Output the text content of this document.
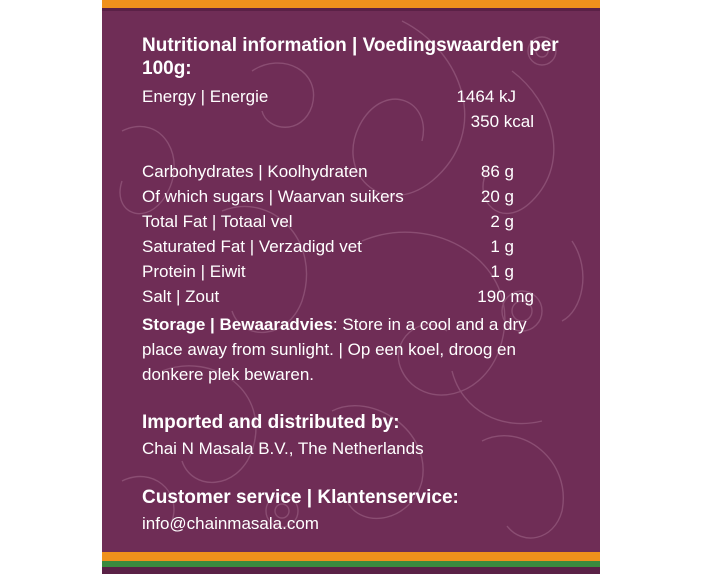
Nutritional information | Voedingswaarden per 100g:
Energy | Energie	1464 kJ
350 kcal
Carbohydrates | Koolhydraten	86 g
Of which sugars | Waarvan suikers	20 g
Total Fat | Totaal vel	2 g
Saturated Fat | Verzadigd vet	1 g
Protein | Eiwit	1 g
Salt | Zout	190 mg
Storage | Bewaaradvies: Store in a cool and a dry place away from sunlight. | Op een koel, droog en donkere plek bewaren.
Imported and distributed by:
Chai N Masala B.V., The Netherlands
Customer service | Klantenservice:
info@chainmasala.com
